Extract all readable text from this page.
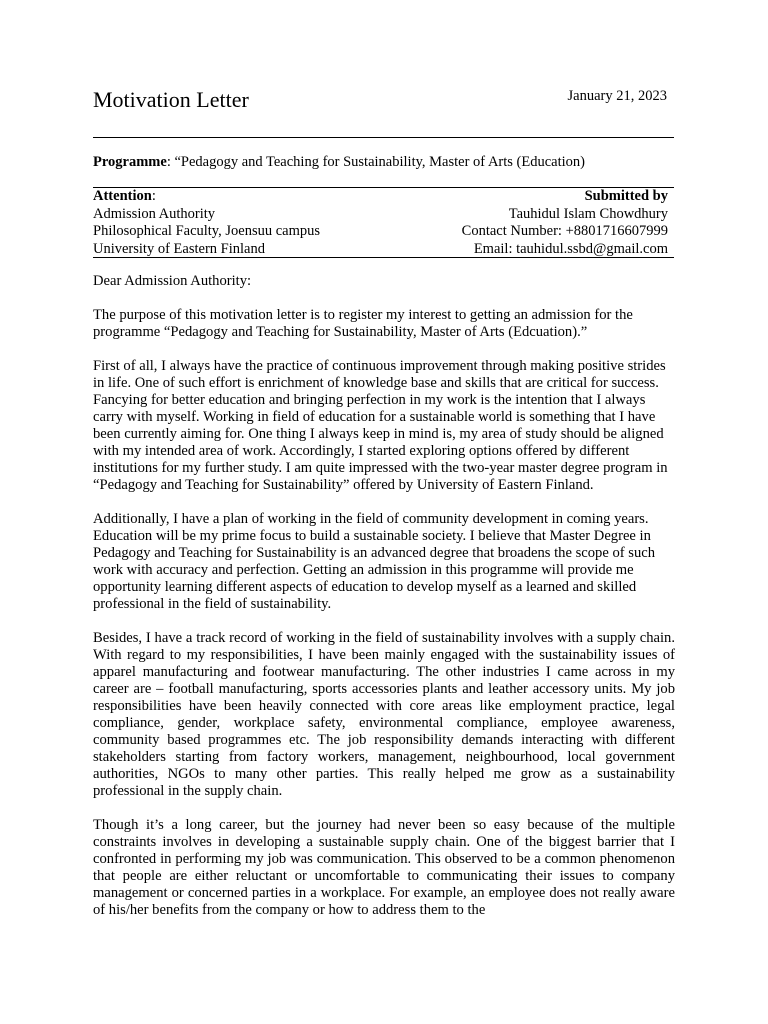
Motivation Letter	January 21, 2023
Programme: “Pedagogy and Teaching for Sustainability, Master of Arts (Education)
Attention:	Submitted by
Admission Authority	Tauhidul Islam Chowdhury
Philosophical Faculty, Joensuu campus	Contact Number: +8801716607999
University of Eastern Finland	Email: tauhidul.ssbd@gmail.com

Dear Admission Authority:

The purpose of this motivation letter is to register my interest to getting an admission for the programme “Pedagogy and Teaching for Sustainability, Master of Arts (Edcuation).”

First of all, I always have the practice of continuous improvement through making positive strides in life. One of such effort is enrichment of knowledge base and skills that are critical for success. Fancying for better education and bringing perfection in my work is the intention that I always carry with myself. Working in field of education for a sustainable world is something that I have been currently aiming for. One thing I always keep in mind is, my area of study should be aligned with my intended area of work. Accordingly, I started exploring options offered by different institutions for my further study. I am quite impressed with the two-year master degree program in “Pedagogy and Teaching for Sustainability” offered by University of Eastern Finland.

Additionally, I have a plan of working in the field of community development in coming years. Education will be my prime focus to build a sustainable society. I believe that Master Degree in Pedagogy and Teaching for Sustainability is an advanced degree that broadens the scope of such work with accuracy and perfection. Getting an admission in this programme will provide me opportunity learning different aspects of education to develop myself as a learned and skilled professional in the field of sustainability.

Besides, I have a track record of working in the field of sustainability involves with a supply chain. With regard to my responsibilities, I have been mainly engaged with the sustainability issues of apparel manufacturing and footwear manufacturing. The other industries I came across in my career are – football manufacturing, sports accessories plants and leather accessory units. My job responsibilities have been heavily connected with core areas like employment practice, legal compliance, gender, workplace safety, environmental compliance, employee awareness, community based programmes etc. The job responsibility demands interacting with different stakeholders starting from factory workers, management, neighbourhood, local government authorities, NGOs to many other parties. This really helped me grow as a sustainability professional in the supply chain.

Though it’s a long career, but the journey had never been so easy because of the multiple constraints involves in developing a sustainable supply chain. One of the biggest barrier that I confronted in performing my job was communication. This observed to be a common phenomenon that people are either reluctant or uncomfortable to communicating their issues to company management or concerned parties in a workplace. For example, an employee does not really aware of his/her benefits from the company or how to address them to the
